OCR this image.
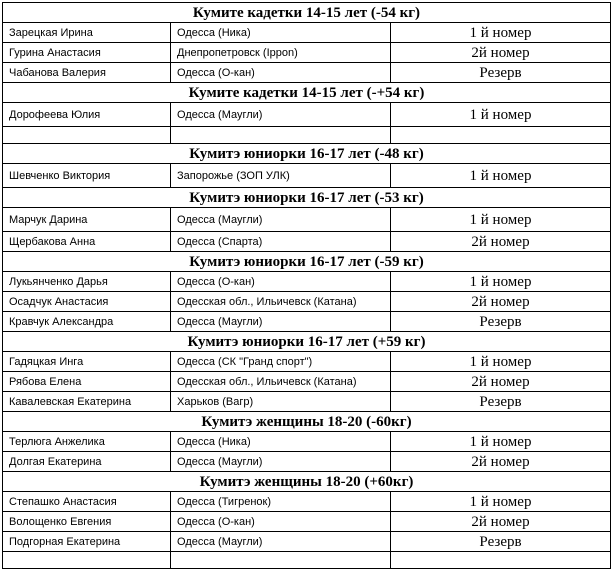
Кумите кадетки 14-15 лет (-54 кг)		
Зарецкая Ирина	Одесса (Ника)	1 й номер
Гурина Анастасия	Днепропетровск (Ippon)	2й номер
Чабанова Валерия	Одесса (О-кан)	Резерв
Кумите кадетки 14-15 лет (-+54 кг)		
Дорофеева Юлия	Одесса (Маугли)	1 й номер

Кумитэ юниорки 16-17 лет (-48 кг)		
Шевченко Виктория	Запорожье (ЗОП УЛК)	1 й номер
Кумитэ юниорки 16-17 лет (-53 кг)		
Марчук Дарина	Одесса (Маугли)	1 й номер
Щербакова Анна	Одесса (Спарта)	2й номер
Кумитэ юниорки 16-17 лет (-59 кг)		
Лукьянченко Дарья	Одесса (О-кан)	1 й номер
Осадчук Анастасия	Одесская обл., Ильичевск (Катана)	2й номер
Кравчук Александра	Одесса (Маугли)	Резерв
Кумитэ юниорки 16-17 лет (+59 кг)		
Гадяцкая Инга	Одесса (СК "Гранд спорт")	1 й номер
Рябова Елена	Одесская обл., Ильичевск (Катана)	2й номер
Кавалевская Екатерина	Харьков (Вагр)	Резерв
Кумитэ женщины 18-20 (-60кг)		
Терлюга Анжелика	Одесса (Ника)	1 й номер
Долгая Екатерина	Одесса (Маугли)	2й номер
Кумитэ женщины 18-20 (+60кг)		
Степашко Анастасия	Одесса (Тигренок)	1 й номер
Волощенко Евгения	Одесса (О-кан)	2й номер
Подгорная Екатерина	Одесса (Маугли)	Резерв
